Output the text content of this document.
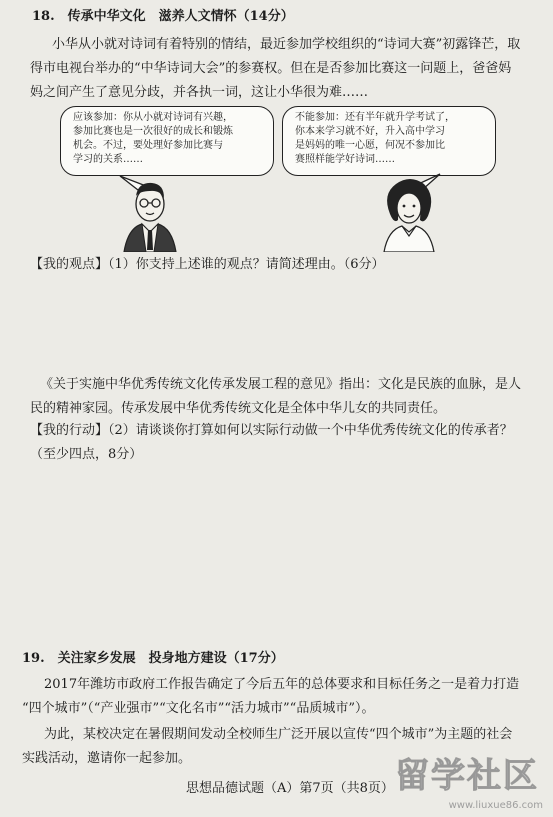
18.　传承中华文化　滋养人文情怀（14分）
小华从小就对诗词有着特别的情结，最近参加学校组织的“诗词大赛”初露锋芒，取
得市电视台举办的“中华诗词大会”的参赛权。但在是否参加比赛这一问题上，爸爸妈
妈之间产生了意见分歧，并各执一词，这让小华很为难……
应该参加：你从小就对诗词有兴趣，
参加比赛也是一次很好的成长和锻炼
机会。不过，要处理好参加比赛与
学习的关系……
不能参加：还有半年就升学考试了，
你本来学习就不好，升入高中学习
是妈妈的唯一心愿，何况不参加比
赛照样能学好诗词……
【我的观点】（1）你支持上述谁的观点？请简述理由。（6分）
《关于实施中华优秀传统文化传承发展工程的意见》指出：文化是民族的血脉，是人
民的精神家园。传承发展中华优秀传统文化是全体中华儿女的共同责任。
【我的行动】（2）请谈谈你打算如何以实际行动做一个中华优秀传统文化的传承者？
（至少四点，8分）
19.　关注家乡发展　投身地方建设（17分）
2017年潍坊市政府工作报告确定了今后五年的总体要求和目标任务之一是着力打造
“四个城市”（“产业强市”“文化名市”“活力城市”“品质城市”）。
为此，某校决定在暑假期间发动全校师生广泛开展以宣传“四个城市”为主题的社会
实践活动，邀请你一起参加。
思想品德试题（A）第7页（共8页） 留学社区
www.liuxue86.com
